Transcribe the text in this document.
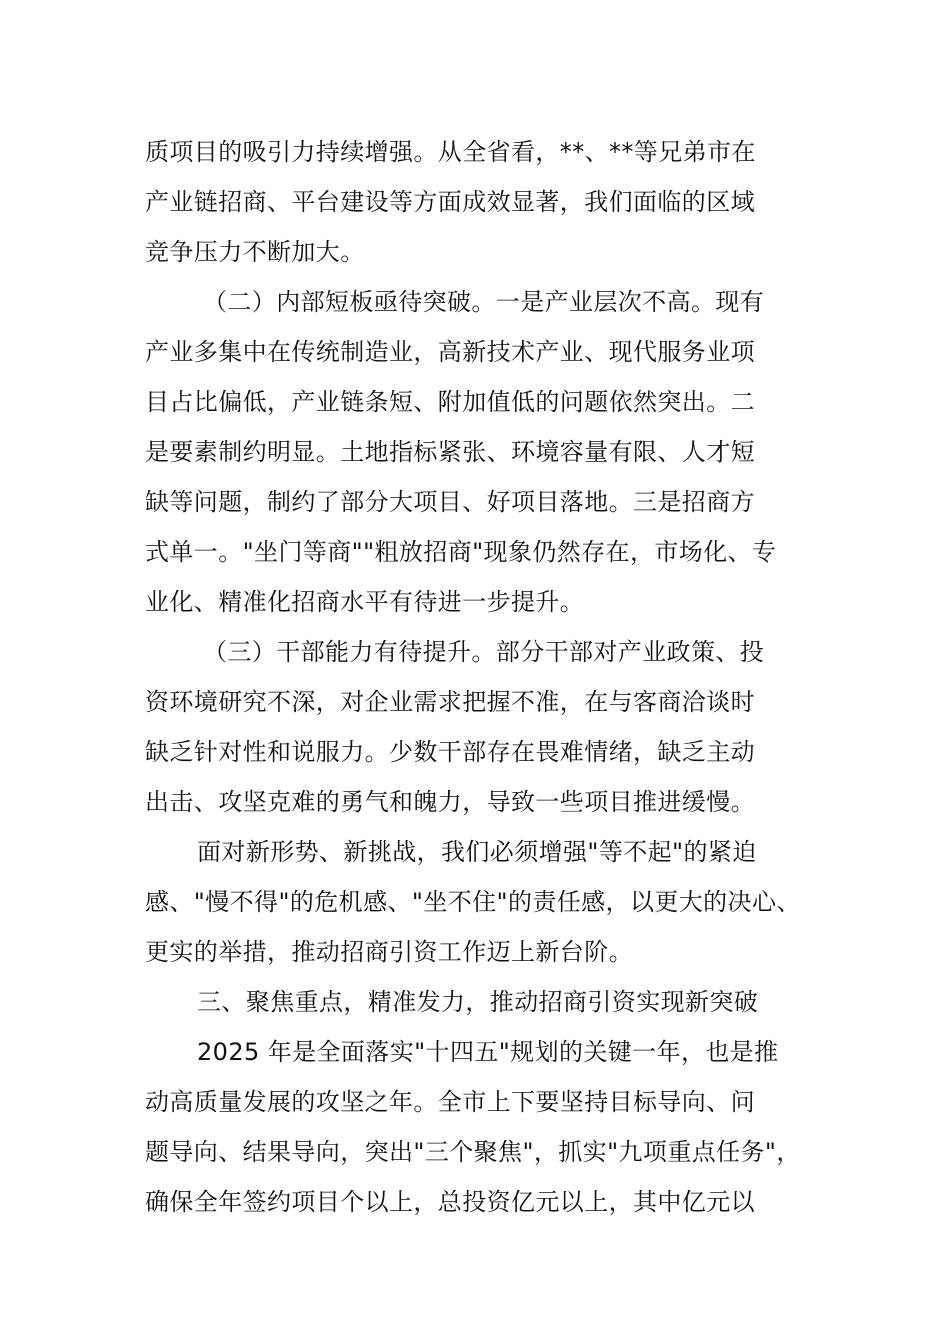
质项目的吸引力持续增强。从全省看，**、**等兄弟市在
产业链招商、平台建设等方面成效显著，我们面临的区域
竞争压力不断加大。
（二）内部短板亟待突破。一是产业层次不高。现有
产业多集中在传统制造业，高新技术产业、现代服务业项
目占比偏低，产业链条短、附加值低的问题依然突出。二
是要素制约明显。土地指标紧张、环境容量有限、人才短
缺等问题，制约了部分大项目、好项目落地。三是招商方
式单一。"坐门等商""粗放招商"现象仍然存在，市场化、专
业化、精准化招商水平有待进一步提升。
（三）干部能力有待提升。部分干部对产业政策、投
资环境研究不深，对企业需求把握不准，在与客商洽谈时
缺乏针对性和说服力。少数干部存在畏难情绪，缺乏主动
出击、攻坚克难的勇气和魄力，导致一些项目推进缓慢。
面对新形势、新挑战，我们必须增强"等不起"的紧迫
感、"慢不得"的危机感、"坐不住"的责任感，以更大的决心、
更实的举措，推动招商引资工作迈上新台阶。
三、聚焦重点，精准发力，推动招商引资实现新突破
2025 年是全面落实"十四五"规划的关键一年，也是推
动高质量发展的攻坚之年。全市上下要坚持目标导向、问
题导向、结果导向，突出"三个聚焦"，抓实"九项重点任务"，
确保全年签约项目个以上，总投资亿元以上，其中亿元以
